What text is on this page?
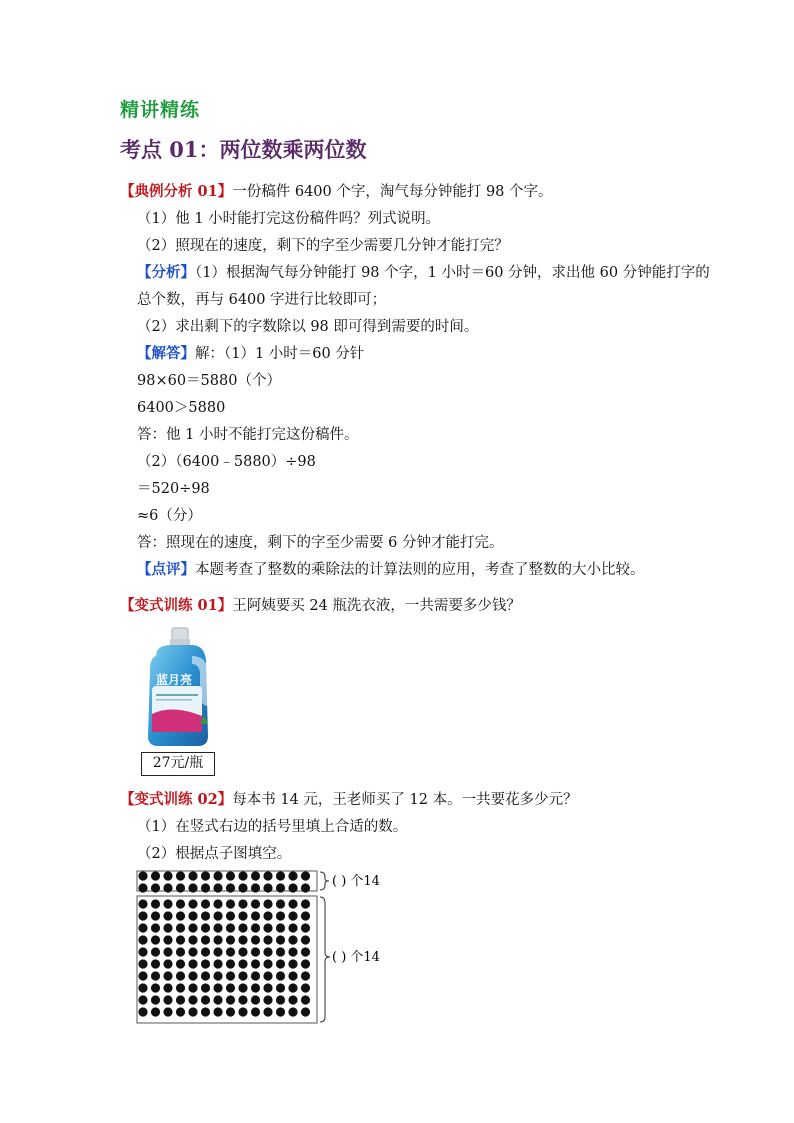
精讲精练
考点 01：两位数乘两位数
【典例分析 01】一份稿件 6400 个字，淘气每分钟能打 98 个字。
（1）他 1 小时能打完这份稿件吗？列式说明。
（2）照现在的速度，剩下的字至少需要几分钟才能打完？
【分析】（1）根据淘气每分钟能打 98 个字，1 小时＝60 分钟，求出他 60 分钟能打字的
总个数，再与 6400 字进行比较即可；
（2）求出剩下的字数除以 98 即可得到需要的时间。
【解答】解：（1）1 小时＝60 分针
98×60＝5880（个）
6400＞5880
答：他 1 小时不能打完这份稿件。
（2）（6400﹣5880）÷98
＝520÷98
≈6（分）
答：照现在的速度，剩下的字至少需要 6 分钟才能打完。
【点评】本题考查了整数的乘除法的计算法则的应用，考查了整数的大小比较。
【变式训练 01】王阿姨要买 24 瓶洗衣液，一共需要多少钱？
蓝月亮
27元/瓶
【变式训练 02】每本书 14 元，王老师买了 12 本。一共要花多少元？
（1）在竖式右边的括号里填上合适的数。
（2）根据点子图填空。
( ) 个14
( ) 个14
